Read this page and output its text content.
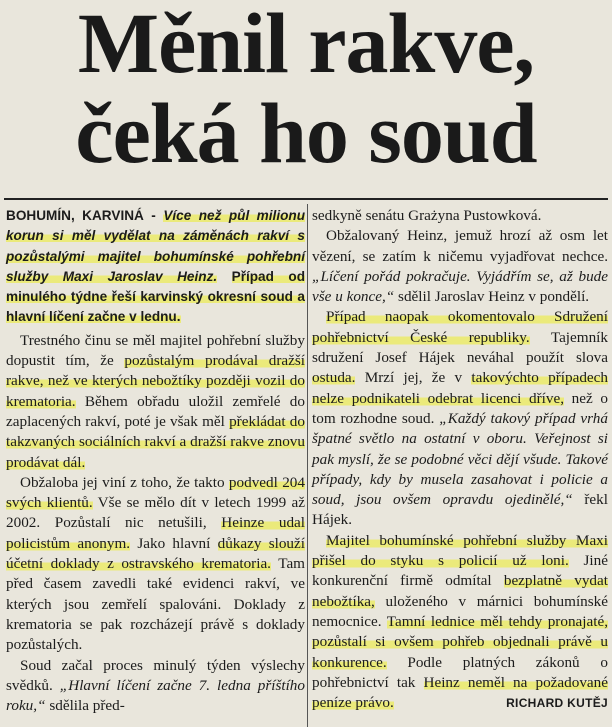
Měnil rakve,
čeká ho soud

BOHUMÍN, KARVINÁ - Více než půl milionu korun si měl vydělat na záměnách rakví s pozůstalými majitel bohumínské pohřební služby Maxi Jaroslav Heinz. Případ od minulého týdne řeší karvinský okresní soud a hlavní líčení začne v lednu.

Trestného činu se měl majitel pohřební služby dopustit tím, že pozůstalým prodával dražší rakve, než ve kterých nebožtíky později vozil do krematoria. Během obřadu uložil zemřelé do zaplacených rakví, poté je však měl překládat do takzvaných sociálních rakví a dražší rakve znovu prodávat dál.

Obžaloba jej viní z toho, že takto podvedl 204 svých klientů. Vše se mělo dít v letech 1999 až 2002. Pozůstalí nic netušili, Heinze udal policistům anonym. Jako hlavní důkazy slouží účetní doklady z ostravského krematoria. Tam před časem zavedli také evidenci rakví, ve kterých jsou zemřelí spalováni. Doklady z krematoria se pak rozcházejí právě s doklady pozůstalých.

Soud začal proces minulý týden výslechy svědků. „Hlavní líčení začne 7. ledna příštího roku,“ sdělila před-

sedkyně senátu Grażyna Pustowková.

Obžalovaný Heinz, jemuž hrozí až osm let vězení, se zatím k ničemu vyjadřovat nechce. „Líčení pořád pokračuje. Vyjádřím se, až bude vše u konce,“ sdělil Jaroslav Heinz v pondělí.

Případ naopak okomentovalo Sdružení pohřebnictví České republiky. Tajemník sdružení Josef Hájek neváhal použít slova ostuda. Mrzí jej, že v takovýchto případech nelze podnikateli odebrat licenci dříve, než o tom rozhodne soud. „Každý takový případ vrhá špatné světlo na ostatní v oboru. Veřejnost si pak myslí, že se podobné věci dějí všude. Takové případy, kdy by musela zasahovat i policie a soud, jsou ovšem opravdu ojedinělé,“ řekl Hájek.

Majitel bohumínské pohřební služby Maxi přišel do styku s policií už loni. Jiné konkurenční firmě odmítal bezplatně vydat nebožtíka, uloženého v márnici bohumínské nemocnice. Tamní lednice měl tehdy pronajaté, pozůstalí si ovšem pohřeb objednali právě u konkurence. Podle platných zákonů o pohřebnictví tak Heinz neměl na požadované peníze právo.	RICHARD KUTĚJ
